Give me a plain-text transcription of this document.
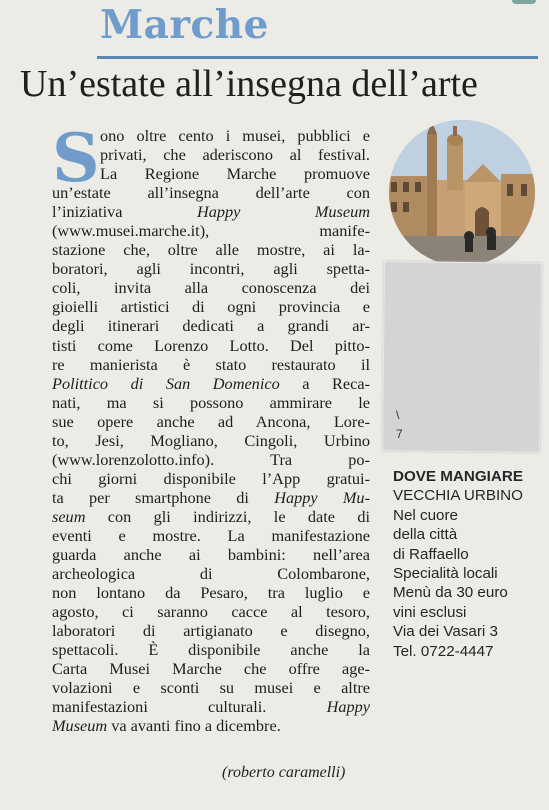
Marche
Un’estate all’insegna dell’arte
S ono oltre cento i musei, pubblici e
privati, che aderiscono al festival.
La Regione Marche promuove
un’estate all’insegna dell’arte con
l’iniziativa Happy Museum
(www.musei.marche.it), manife-
stazione che, oltre alle mostre, ai la-
boratori, agli incontri, agli spetta-
coli, invita alla conoscenza dei
gioielli artistici di ogni provincia e
degli itinerari dedicati a grandi ar-
tisti come Lorenzo Lotto. Del pitto-
re manierista è stato restaurato il
Polittico di San Domenico a Reca-
nati, ma si possono ammirare le
sue opere anche ad Ancona, Lore-
to, Jesi, Mogliano, Cingoli, Urbino
(www.lorenzolotto.info). Tra po-
chi giorni disponibile l’App gratui-
ta per smartphone di Happy Mu-
seum con gli indirizzi, le date di
eventi e mostre. La manifestazione
guarda anche ai bambini: nell’area
archeologica di Colombarone,
non lontano da Pesaro, tra luglio e
agosto, ci saranno cacce al tesoro,
laboratori di artigianato e disegno,
spettacoli. È disponibile anche la
Carta Musei Marche che offre age-
volazioni e sconti su musei e altre
manifestazioni culturali. Happy
Museum va avanti fino a dicembre.
(roberto caramelli)
\
7
DOVE MANGIARE
VECCHIA URBINO
Nel cuore
della città
di Raffaello
Specialità locali
Menù da 30 euro
vini esclusi
Via dei Vasari 3
Tel. 0722-4447
